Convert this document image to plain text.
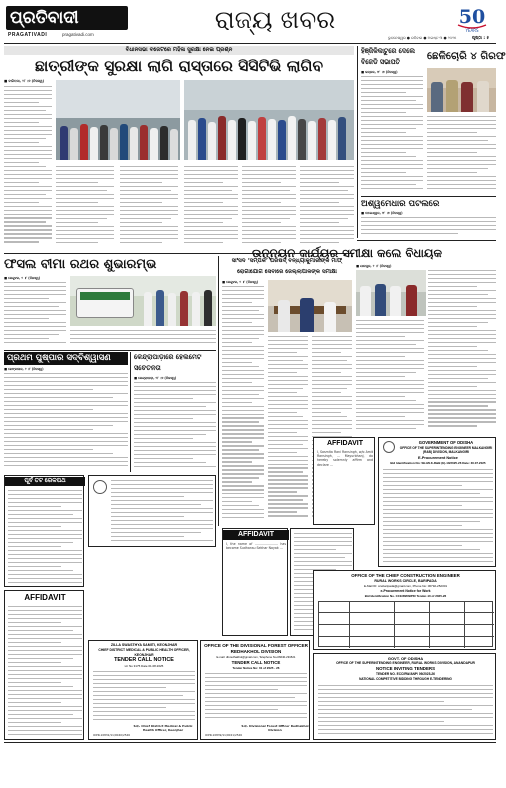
ପ୍ରତିବାଦୀ
PRAGATIVADI	pragativadi.com
ରାଜ୍ୟ ଖବର	50
YEARS
ଭୁବନେଶ୍ୱର ● ରବିବାର ● ଅଗଷ୍ଟ ୩ ● ୨୦୨୫	ପୃଷ୍ଠା : ୫
ବିଧାନସଭା ବଜେଟରେ ମହିଳା ସୁରକ୍ଷା ନେଇ ପ୍ରଶ୍ନ
ଛାତ୍ରୀଙ୍କ ସୁରକ୍ଷା ଲାଗି ରାସ୍ତାରେ ସିସିଟିଭି ଲାଗିବ
■ ବାରିପଦା, ୨୮ ।୭ (ନିଜସ୍ୱ)
ହିଞ୍ଜିଳିକାଟୁରେ ଦେଲେ ବିଜେଡି ସଭାପତି	ଛେଳିଚୋରି ୪ ଗିରଫ
■ ଭଦ୍ରକ, ୨୮ ।୭ (ନିଜସ୍ୱ)
ଅଶ୍ୱମେଧାର ପଟଲରେ
■ ବାଲେଶ୍ୱର, ୨୮ ।୭ (ନିଜସ୍ୱ)
ଫସଲ ବୀମା ରଥର ଶୁଭାରମ୍ଭ
■ କେନ୍ଦୁଝର, ୨ ।୮ (ନିଜସ୍ୱ)
ସାଂସଦ ‘ସମ୍ପର୍କ’ ପରିଷଦ୍ ବନ୍ଧ୍ୟାକୁମାରୀଙ୍କ ମାଫ୍ ରୋଗାଯୋଗ ସେବାରେ ଜେଲ୍ଲାପାଳଙ୍କ ସମୀକ୍ଷା
■ କେନ୍ଦୁଝର, ୨ ।୮ (ନିଜସ୍ୱ)
ଉନ୍ନୟନ କାର୍ଯ୍ୟର ସମୀକ୍ଷା କଲେ ବିଧାୟକ
■ ଯାଜପୁର, ୨ ।୮ (ନିଜସ୍ୱ)
ପ୍ରଥମ ପୁଷ୍ପାର ସଦ୍‌ବିଶ୍ୱାସଣ
■ ଢେଙ୍କାନାଳ, ୨ ।୮ (ନିଜସ୍ୱ)
କେନ୍ଦ୍ରାପାଡ଼ାରେ ହେଲମେଟ ସଚେତନତା
■ କେନ୍ଦ୍ରାପାଡ଼ା, ୨୮ ।୭ (ନିଜସ୍ୱ)
ପୂର୍ବ ତଟ ରେଳପଥ
AFFIDAVIT
AFFIDAVIT
I, the name of ....................... has become Sudhansu Sekhar Nayak ...
AFFIDAVIT
I, Sasmita Rani Ransingh, w/o Amit Ransingh, ... Mayurbhanj, do hereby solemnly affirm and declare ...
GOVERNMENT OF ODISHA
OFFICE OF THE SUPERINTENDING ENGINEER MALKANGIRI (R&B) DIVISION, MALKANGIRI
E-Procurement Notice
Bid Identification No: SE-MLK-R&B (E)-10/2025-26 Date: 30.07.2025
OFFICE OF THE CHIEF CONSTRUCTION ENGINEER
RURAL WORKS CIRCLE, BARIPADA
E-Mail ID: ccebaripada@gmail.com, Phone No: 06792-252301
e-Procurement Notice for Work
Bid Identification No. CCE/RW/BPD/ Tender-10 of 2025-26
GOVT. OF ODISHA
OFFICE OF THE SUPERINTENDING ENGINEER, RURAL WORKS DIVISION, ANANDAPUR
NOTICE INVITING TENDERS
TENDER NO. ECC/RW/ANP/ 09/2025-26
NATIONAL COMPETITIVE BIDDING THROUGH E-TENDERING
ZILLA SWASTHYA SAMITI, KEONJHAR
CHIEF DISTRICT MEDICAL & PUBLIC HEALTH OFFICER, KEONJHAR
TENDER CALL NOTICE
Ltr No 3175 Date 01.08.2025
Sd/- Chief District Medical & Public Health Officer, Keonjhar
OIPR-10832/11/0040/2526
OFFICE OF THE DIVISIONAL FOREST OFFICER REDHAKHOL DIVISION
E-mail: dforedhakhol@gmail.com, Telephone No-06640-291521
TENDER CALL NOTICE
Tender Notice No: 01 of 2025 - 26
Sd/- Divisional Forest Officer Redhakhol Division
OIPR-10839/11/0021/2526
